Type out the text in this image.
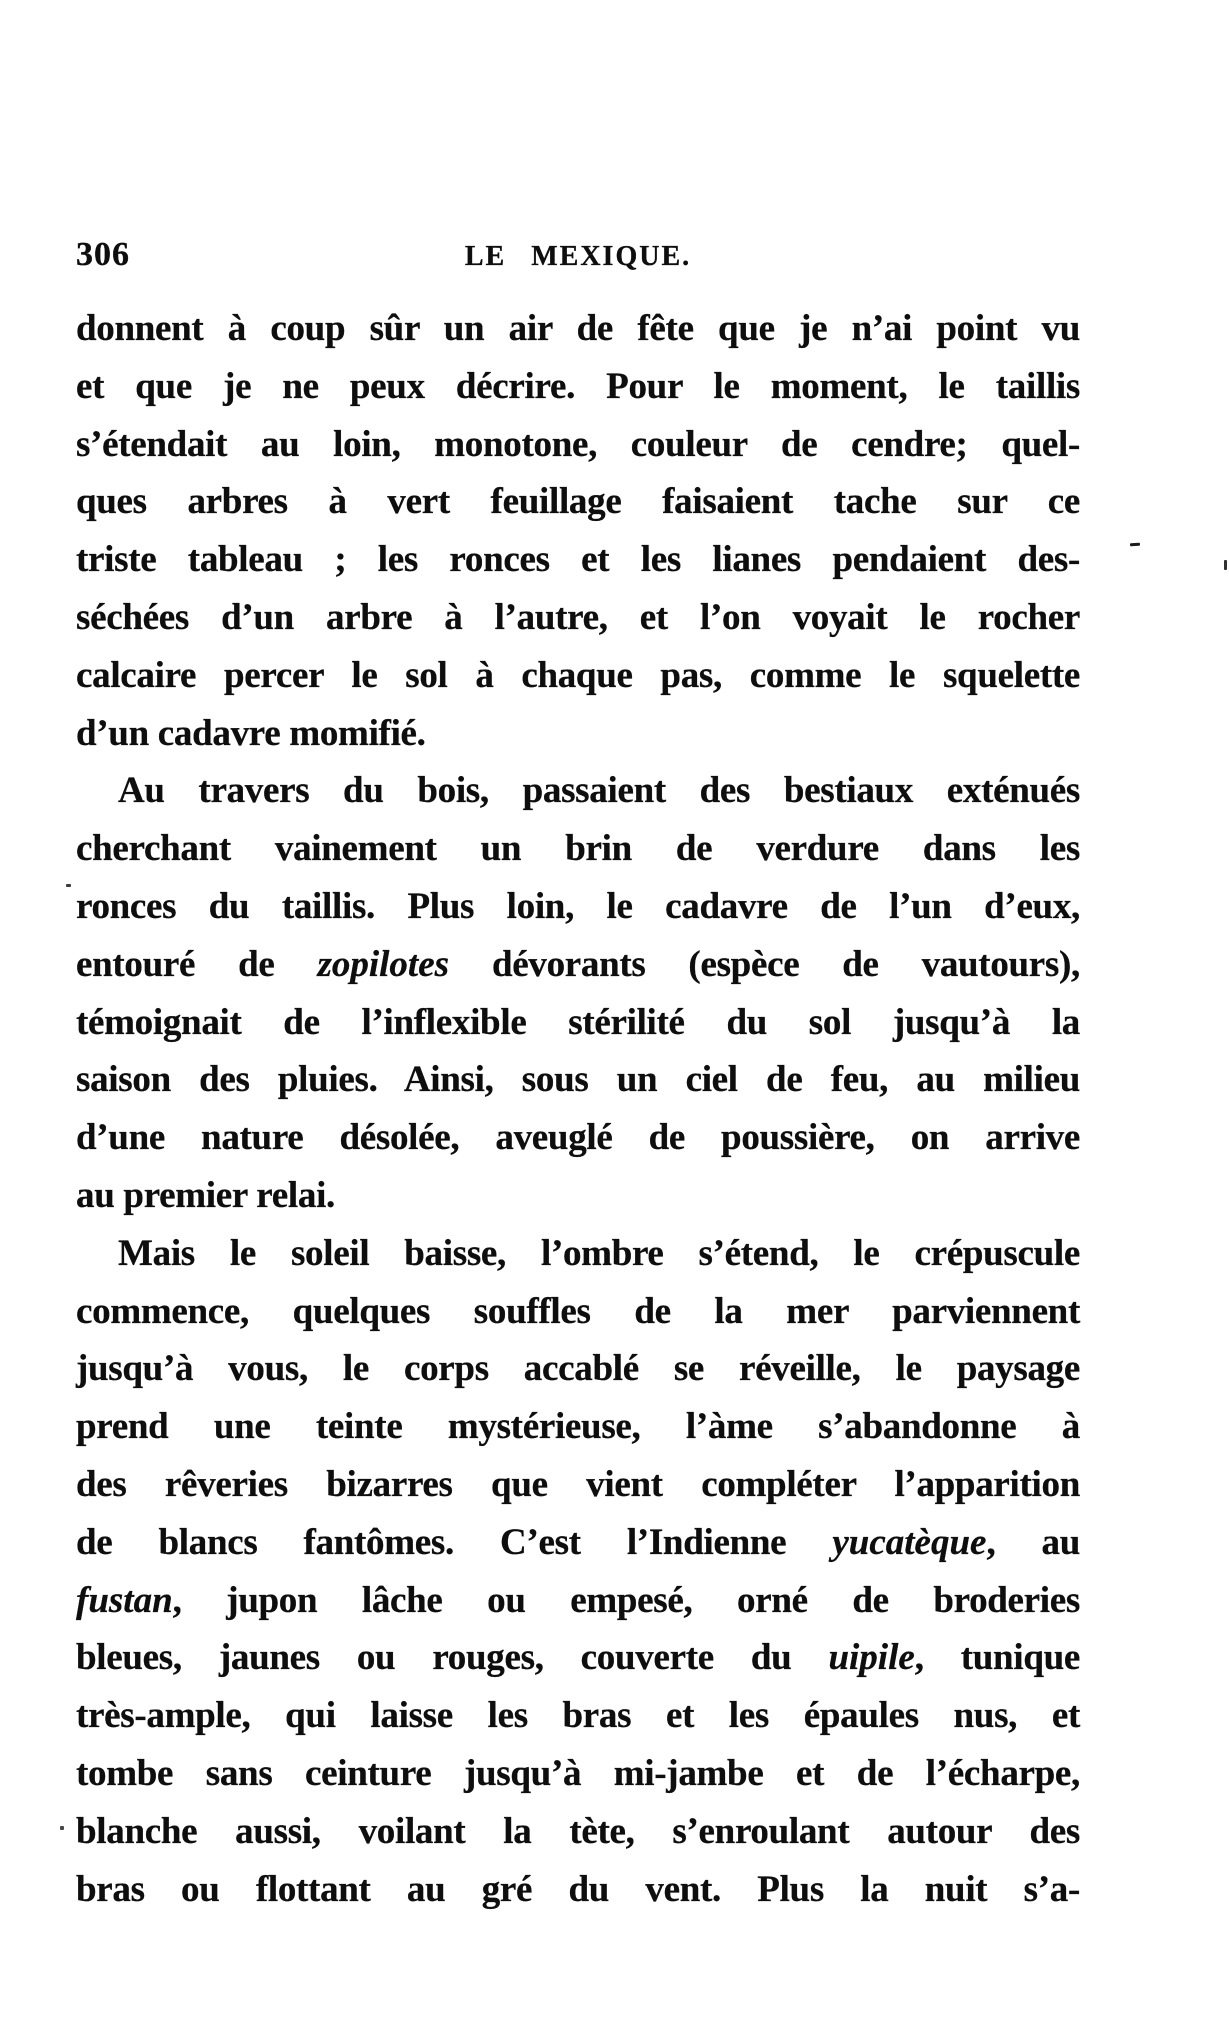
306	LE MEXIQUE.
donnent à coup sûr un air de fête que je n’ai point vu
et que je ne peux décrire. Pour le moment, le taillis
s’étendait au loin, monotone, couleur de cendre; quel-
ques arbres à vert feuillage faisaient tache sur ce
triste tableau ; les ronces et les lianes pendaient des-
séchées d’un arbre à l’autre, et l’on voyait le rocher
calcaire percer le sol à chaque pas, comme le squelette
d’un cadavre momifié.
Au travers du bois, passaient des bestiaux exténués
cherchant vainement un brin de verdure dans les
ronces du taillis. Plus loin, le cadavre de l’un d’eux,
entouré de zopilotes dévorants (espèce de vautours),
témoignait de l’inflexible stérilité du sol jusqu’à la
saison des pluies. Ainsi, sous un ciel de feu, au milieu
d’une nature désolée, aveuglé de poussière, on arrive
au premier relai.
Mais le soleil baisse, l’ombre s’étend, le crépuscule
commence, quelques souffles de la mer parviennent
jusqu’à vous, le corps accablé se réveille, le paysage
prend une teinte mystérieuse, l’àme s’abandonne à
des rêveries bizarres que vient compléter l’apparition
de blancs fantômes. C’est l’Indienne yucatèque, au
fustan, jupon lâche ou empesé, orné de broderies
bleues, jaunes ou rouges, couverte du uipile, tunique
très-ample, qui laisse les bras et les épaules nus, et
tombe sans ceinture jusqu’à mi-jambe et de l’écharpe,
blanche aussi, voilant la tète, s’enroulant autour des
bras ou flottant au gré du vent. Plus la nuit s’a-
